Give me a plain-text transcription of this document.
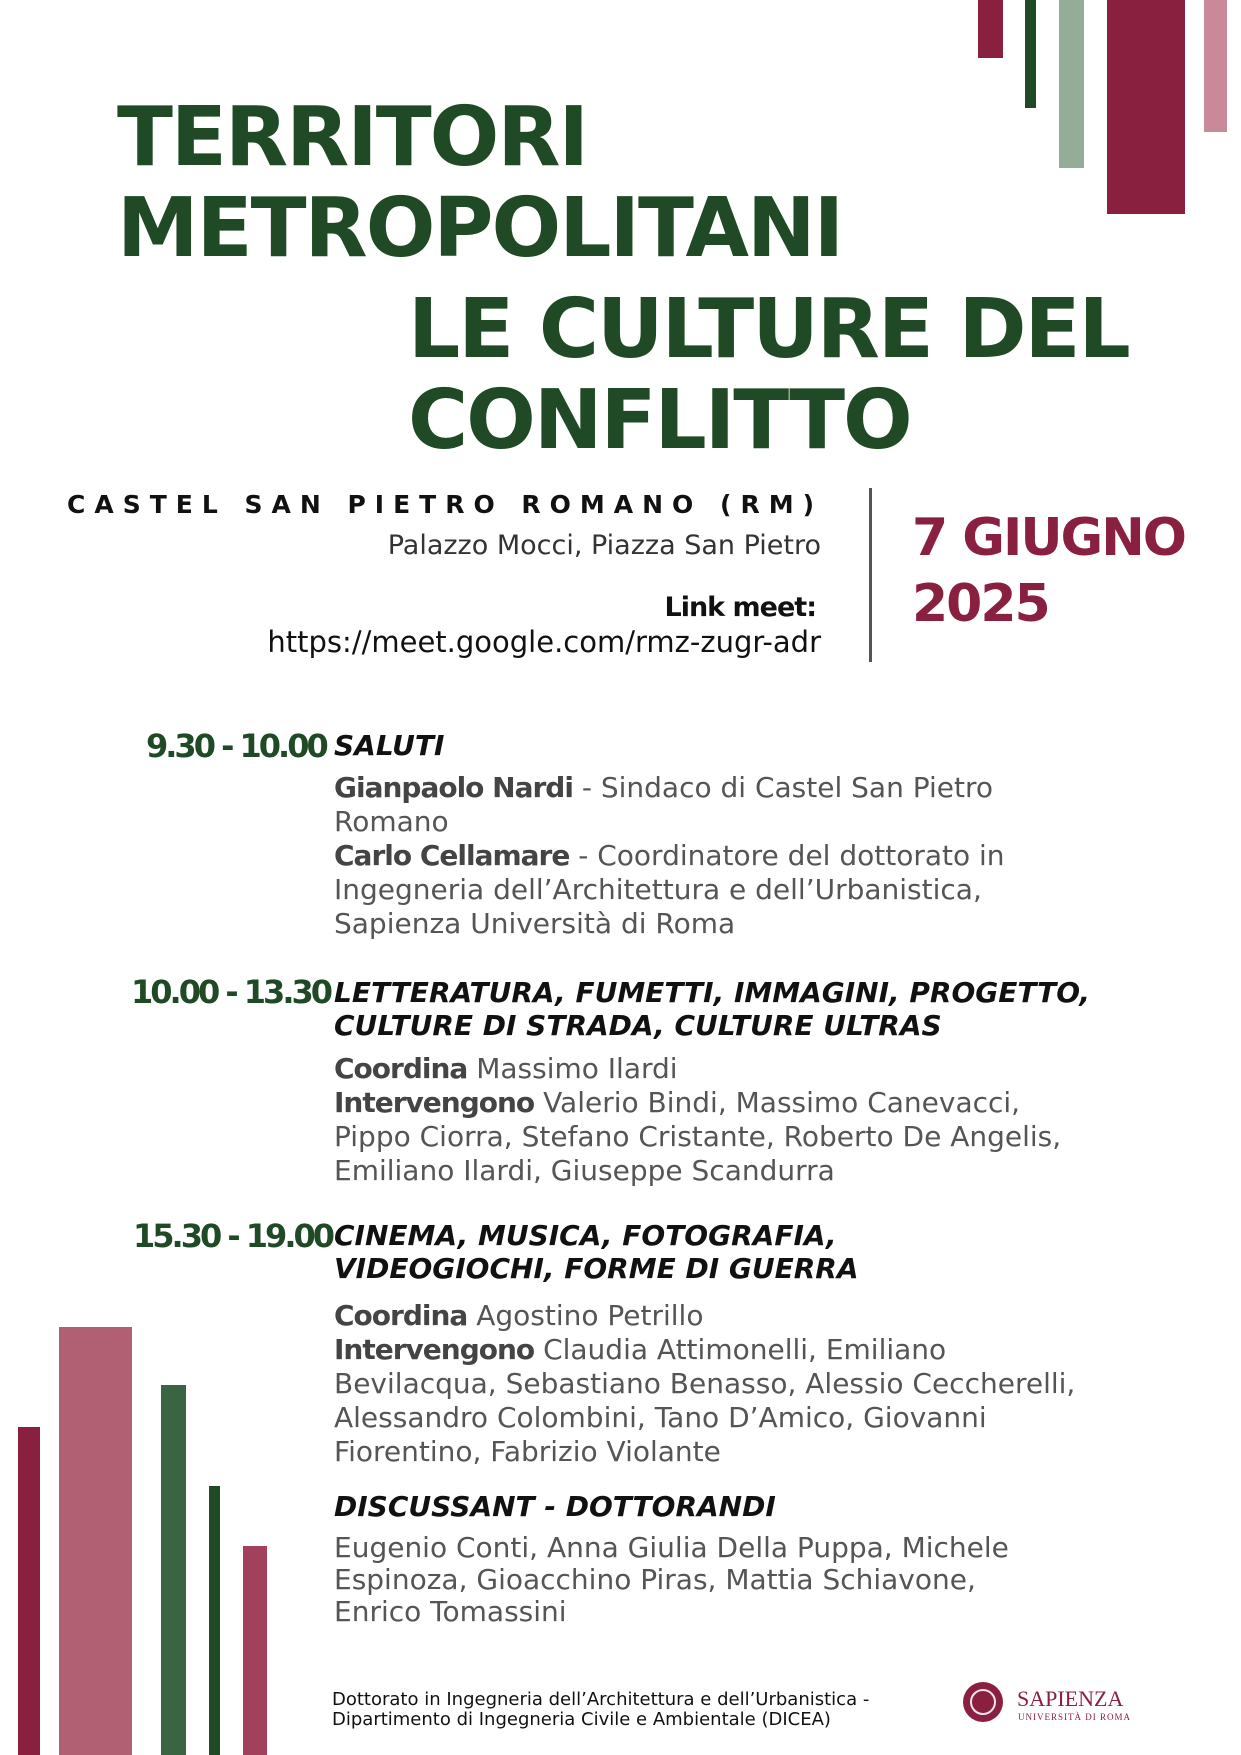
TERRITORI
METROPOLITANI
LE CULTURE DEL
CONFLITTO
CASTEL SAN PIETRO ROMANO (RM)
Palazzo Mocci, Piazza San Pietro
Link meet:
https://meet.google.com/rmz-zugr-adr
7 GIUGNO
2025
9.30 - 10.00 SALUTI
Gianpaolo Nardi - Sindaco di Castel San Pietro
Romano
Carlo Cellamare - Coordinatore del dottorato in
Ingegneria dell’Architettura e dell’Urbanistica,
Sapienza Università di Roma
10.00 - 13.30 LETTERATURA, FUMETTI, IMMAGINI, PROGETTO,
CULTURE DI STRADA, CULTURE ULTRAS
Coordina Massimo Ilardi
Intervengono Valerio Bindi, Massimo Canevacci,
Pippo Ciorra, Stefano Cristante, Roberto De Angelis,
Emiliano Ilardi, Giuseppe Scandurra
15.30 - 19.00 CINEMA, MUSICA, FOTOGRAFIA,
VIDEOGIOCHI, FORME DI GUERRA
Coordina Agostino Petrillo
Intervengono Claudia Attimonelli, Emiliano
Bevilacqua, Sebastiano Benasso, Alessio Ceccherelli,
Alessandro Colombini, Tano D’Amico, Giovanni
Fiorentino, Fabrizio Violante
DISCUSSANT - DOTTORANDI
Eugenio Conti, Anna Giulia Della Puppa, Michele
Espinoza, Gioacchino Piras, Mattia Schiavone,
Enrico Tomassini
Dottorato in Ingegneria dell’Architettura e dell’Urbanistica -
Dipartimento di Ingegneria Civile e Ambientale (DICEA)
SAPIENZA
UNIVERSITÀ DI ROMA
